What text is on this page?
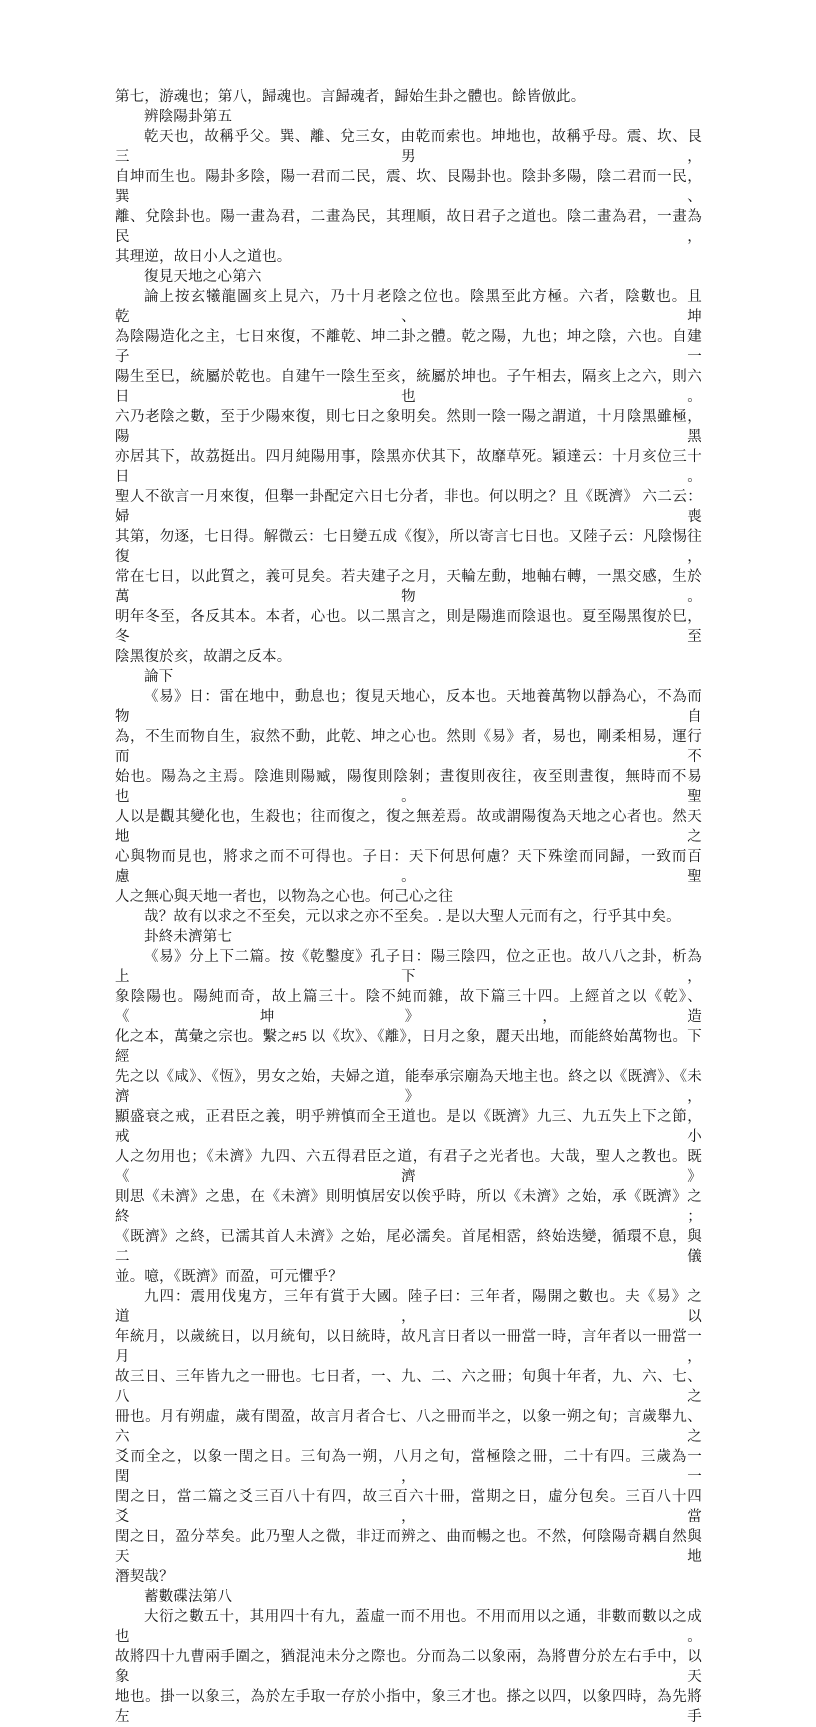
第七，游魂也；第八，歸魂也。言歸魂者，歸始生卦之體也。餘皆倣此。
辨陰陽卦第五
乾天也，故稱乎父。巽、離、兌三女，由乾而索也。坤地也，故稱乎母。震、坎、艮三男，
自坤而生也。陽卦多陰，陽一君而二民，震、坎、艮陽卦也。陰卦多陽，陰二君而一民，巽、
離、兌陰卦也。陽一畫為君，二畫為民，其理順，故日君子之道也。陰二畫為君，一畫為民，
其理逆，故日小人之道也。
復見天地之心第六
論上按玄犧龍圖亥上見六，乃十月老陰之位也。陰黑至此方極。六者，陰數也。且乾、坤
為陰陽造化之主，七日來復，不離乾、坤二卦之體。乾之陽，九也；坤之陰，六也。自建子一
陽生至巳，統屬於乾也。自建午一陰生至亥，統屬於坤也。子午相去，隔亥上之六，則六日也。
六乃老陰之數，至于少陽來復，則七日之象明矣。然則一陰一陽之謂道，十月陰黑雖極，陽黑
亦居其下，故荔挺出。四月純陽用事，陰黑亦伏其下，故靡草死。穎達云：十月亥位三十日。
聖人不欲言一月來復，但舉一卦配定六日七分者，非也。何以明之？且《既濟》 六二云：婦喪
其第，勿逐，七日得。解微云：七日變五成《復》，所以寄言七日也。又陸子云：凡陰惕往復，
常在七日，以此質之，義可見矣。若夫建子之月，天輪左動，地軸右轉，一黑交感，生於萬物。
明年冬至，各反其本。本者，心也。以二黑言之，則是陽進而陰退也。夏至陽黑復於巳，冬至
陰黑復於亥，故謂之反本。
論下
《易》日：雷在地中，動息也；復見天地心，反本也。天地養萬物以靜為心，不為而物自
為，不生而物自生，寂然不動，此乾、坤之心也。然則《易》者，易也，剛柔相易，運行而不
始也。陽為之主焉。陰進則陽臧，陽復則陰剝；晝復則夜往，夜至則晝復，無時而不易也。聖
人以是觀其變化也，生殺也；往而復之，復之無差焉。故或謂陽復為天地之心者也。然天地之
心與物而見也，將求之而不可得也。子日：天下何思何慮？天下殊塗而同歸，一致而百慮。聖
人之無心與天地一者也，以物為之心也。何己心之往
哉？故有以求之不至矣，元以求之亦不至矣。. 是以大聖人元而有之，行乎其中矣。
卦終未濟第七
《易》分上下二篇。按《乾鑿度》孔子日：陽三陰四，位之正也。故八八之卦，析為上下，
象陰陽也。陽純而奇，故上篇三十。陰不純而雜，故下篇三十四。上經首之以《乾》、《坤》，造
化之本，萬彙之宗也。繫之#5 以《坎》、《離》，日月之象，麗天出地，而能終始萬物也。下經
先之以《咸》、《恆》，男女之始，夫婦之道，能奉承宗廟為天地主也。終之以《既濟》、《未濟》，
顯盛衰之戒，正君臣之義，明乎辨慎而全王道也。是以《既濟》九三、九五失上下之節，戒小
人之勿用也；《未濟》九四、六五得君臣之道，有君子之光者也。大哉，聖人之教也。既《濟》
則思《未濟》之患，在《未濟》則明慎居安以俟乎時，所以《未濟》之始，承《既濟》之終；
《既濟》之終，已濡其首人未濟》之始，尾必濡矣。首尾相霑，終始迭變，循環不息，與二儀
並。噫，《既濟》而盈，可元懼乎？
九四：震用伐鬼方，三年有賞于大國。陸子曰：三年者，陽開之數也。夫《易》之道，以
年統月，以歲統日，以月統旬，以日統時，故凡言日者以一冊當一時，言年者以一冊當一月，
故三日、三年皆九之一冊也。七日者，一、九、二、六之冊；旬與十年者，九、六、七、八之
冊也。月有朔虛，歲有閏盈，故言月者合七、八之冊而半之，以象一朔之旬；言歲舉九、六之
爻而全之，以象一閏之日。三旬為一朔，八月之旬，當極陰之冊，二十有四。三歲為一閏，一
閏之日，當二篇之爻三百八十有四，故三百六十冊，當期之日，虛分包矣。三百八十四爻，當
閏之日，盈分萃矣。此乃聖人之微，非迂而辨之、曲而暢之也。不然，何陰陽奇耦自然與天地
潛契哉？
蓄數碟法第八
大衍之數五十，其用四十有九，蓋虛一而不用也。不用而用以之通，非數而數以之成也。
故將四十九曹兩手圍之，猶混沌未分之際也。分而為二以象兩，為將曹分於左右手中，以象天
地也。掛一以象三，為於左手取一存於小指中，象三才也。搽之以四，以象四時，為先將左手
